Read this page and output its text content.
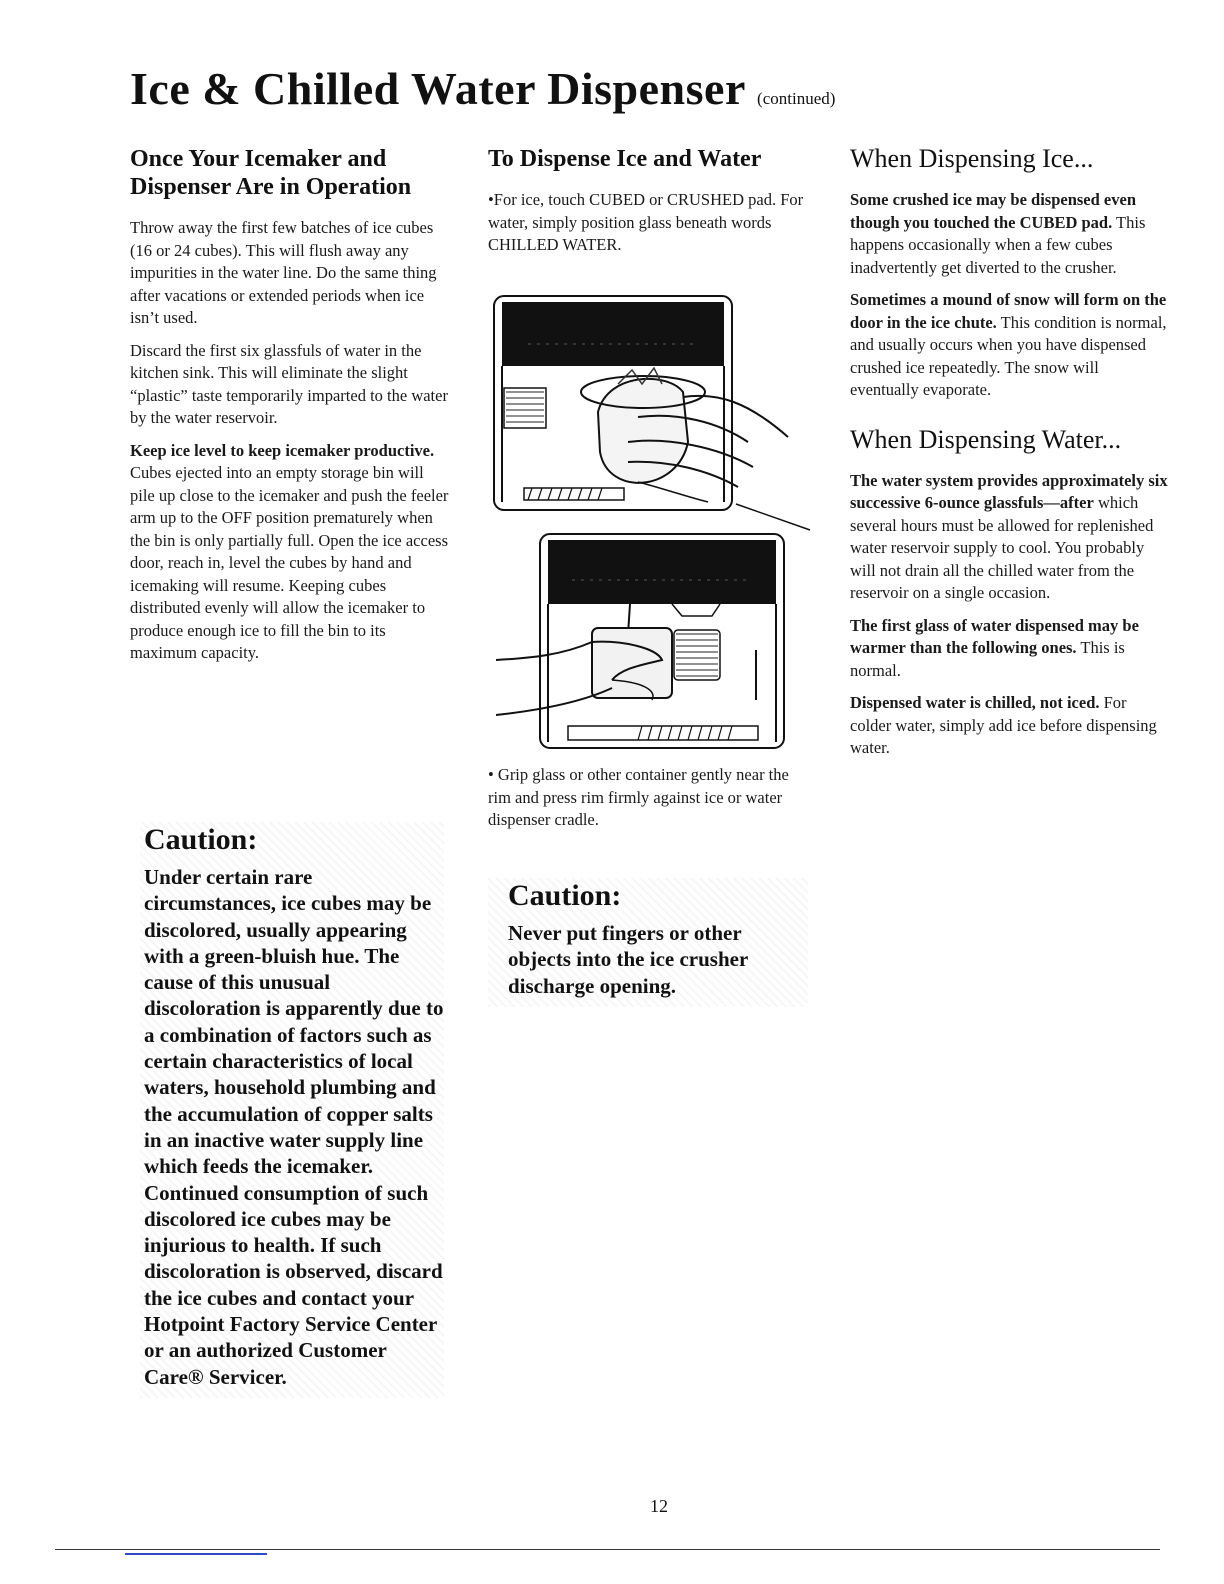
Ice & Chilled Water Dispenser (continued)
Once Your Icemaker and Dispenser Are in Operation

Throw away the first few batches of ice cubes (16 or 24 cubes). This will flush away any impurities in the water line. Do the same thing after vacations or extended periods when ice isn’t used.

Discard the first six glassfuls of water in the kitchen sink. This will eliminate the slight “plastic” taste temporarily imparted to the water by the water reservoir.

Keep ice level to keep icemaker productive. Cubes ejected into an empty storage bin will pile up close to the icemaker and push the feeler arm up to the OFF position prematurely when the bin is only partially full. Open the ice access door, reach in, level the cubes by hand and icemaking will resume. Keeping cubes distributed evenly will allow the icemaker to produce enough ice to fill the bin to its maximum capacity.

Caution:
Under certain rare circumstances, ice cubes may be discolored, usually appearing with a green-bluish hue. The cause of this unusual discoloration is apparently due to a combination of factors such as certain characteristics of local waters, household plumbing and the accumulation of copper salts in an inactive water supply line which feeds the icemaker. Continued consumption of such discolored ice cubes may be injurious to health. If such discoloration is observed, discard the ice cubes and contact your Hotpoint Factory Service Center or an authorized Customer Care® Servicer.
To Dispense Ice and Water

•For ice, touch CUBED or CRUSHED pad. For water, simply position glass beneath words CHILLED WATER.

• Grip glass or other container gently near the rim and press rim firmly against ice or water dispenser cradle.

Caution:
Never put fingers or other objects into the ice crusher discharge opening.
When Dispensing Ice...

Some crushed ice may be dispensed even though you touched the CUBED pad. This happens occasionally when a few cubes inadvertently get diverted to the crusher.

Sometimes a mound of snow will form on the door in the ice chute. This condition is normal, and usually occurs when you have dispensed crushed ice repeatedly. The snow will eventually evaporate.

When Dispensing Water...

The water system provides approximately six successive 6-ounce glassfuls—after which several hours must be allowed for replenished water reservoir supply to cool. You probably will not drain all the chilled water from the reservoir on a single occasion.

The first glass of water dispensed may be warmer than the following ones. This is normal.

Dispensed water is chilled, not iced. For colder water, simply add ice before dispensing water.

12
